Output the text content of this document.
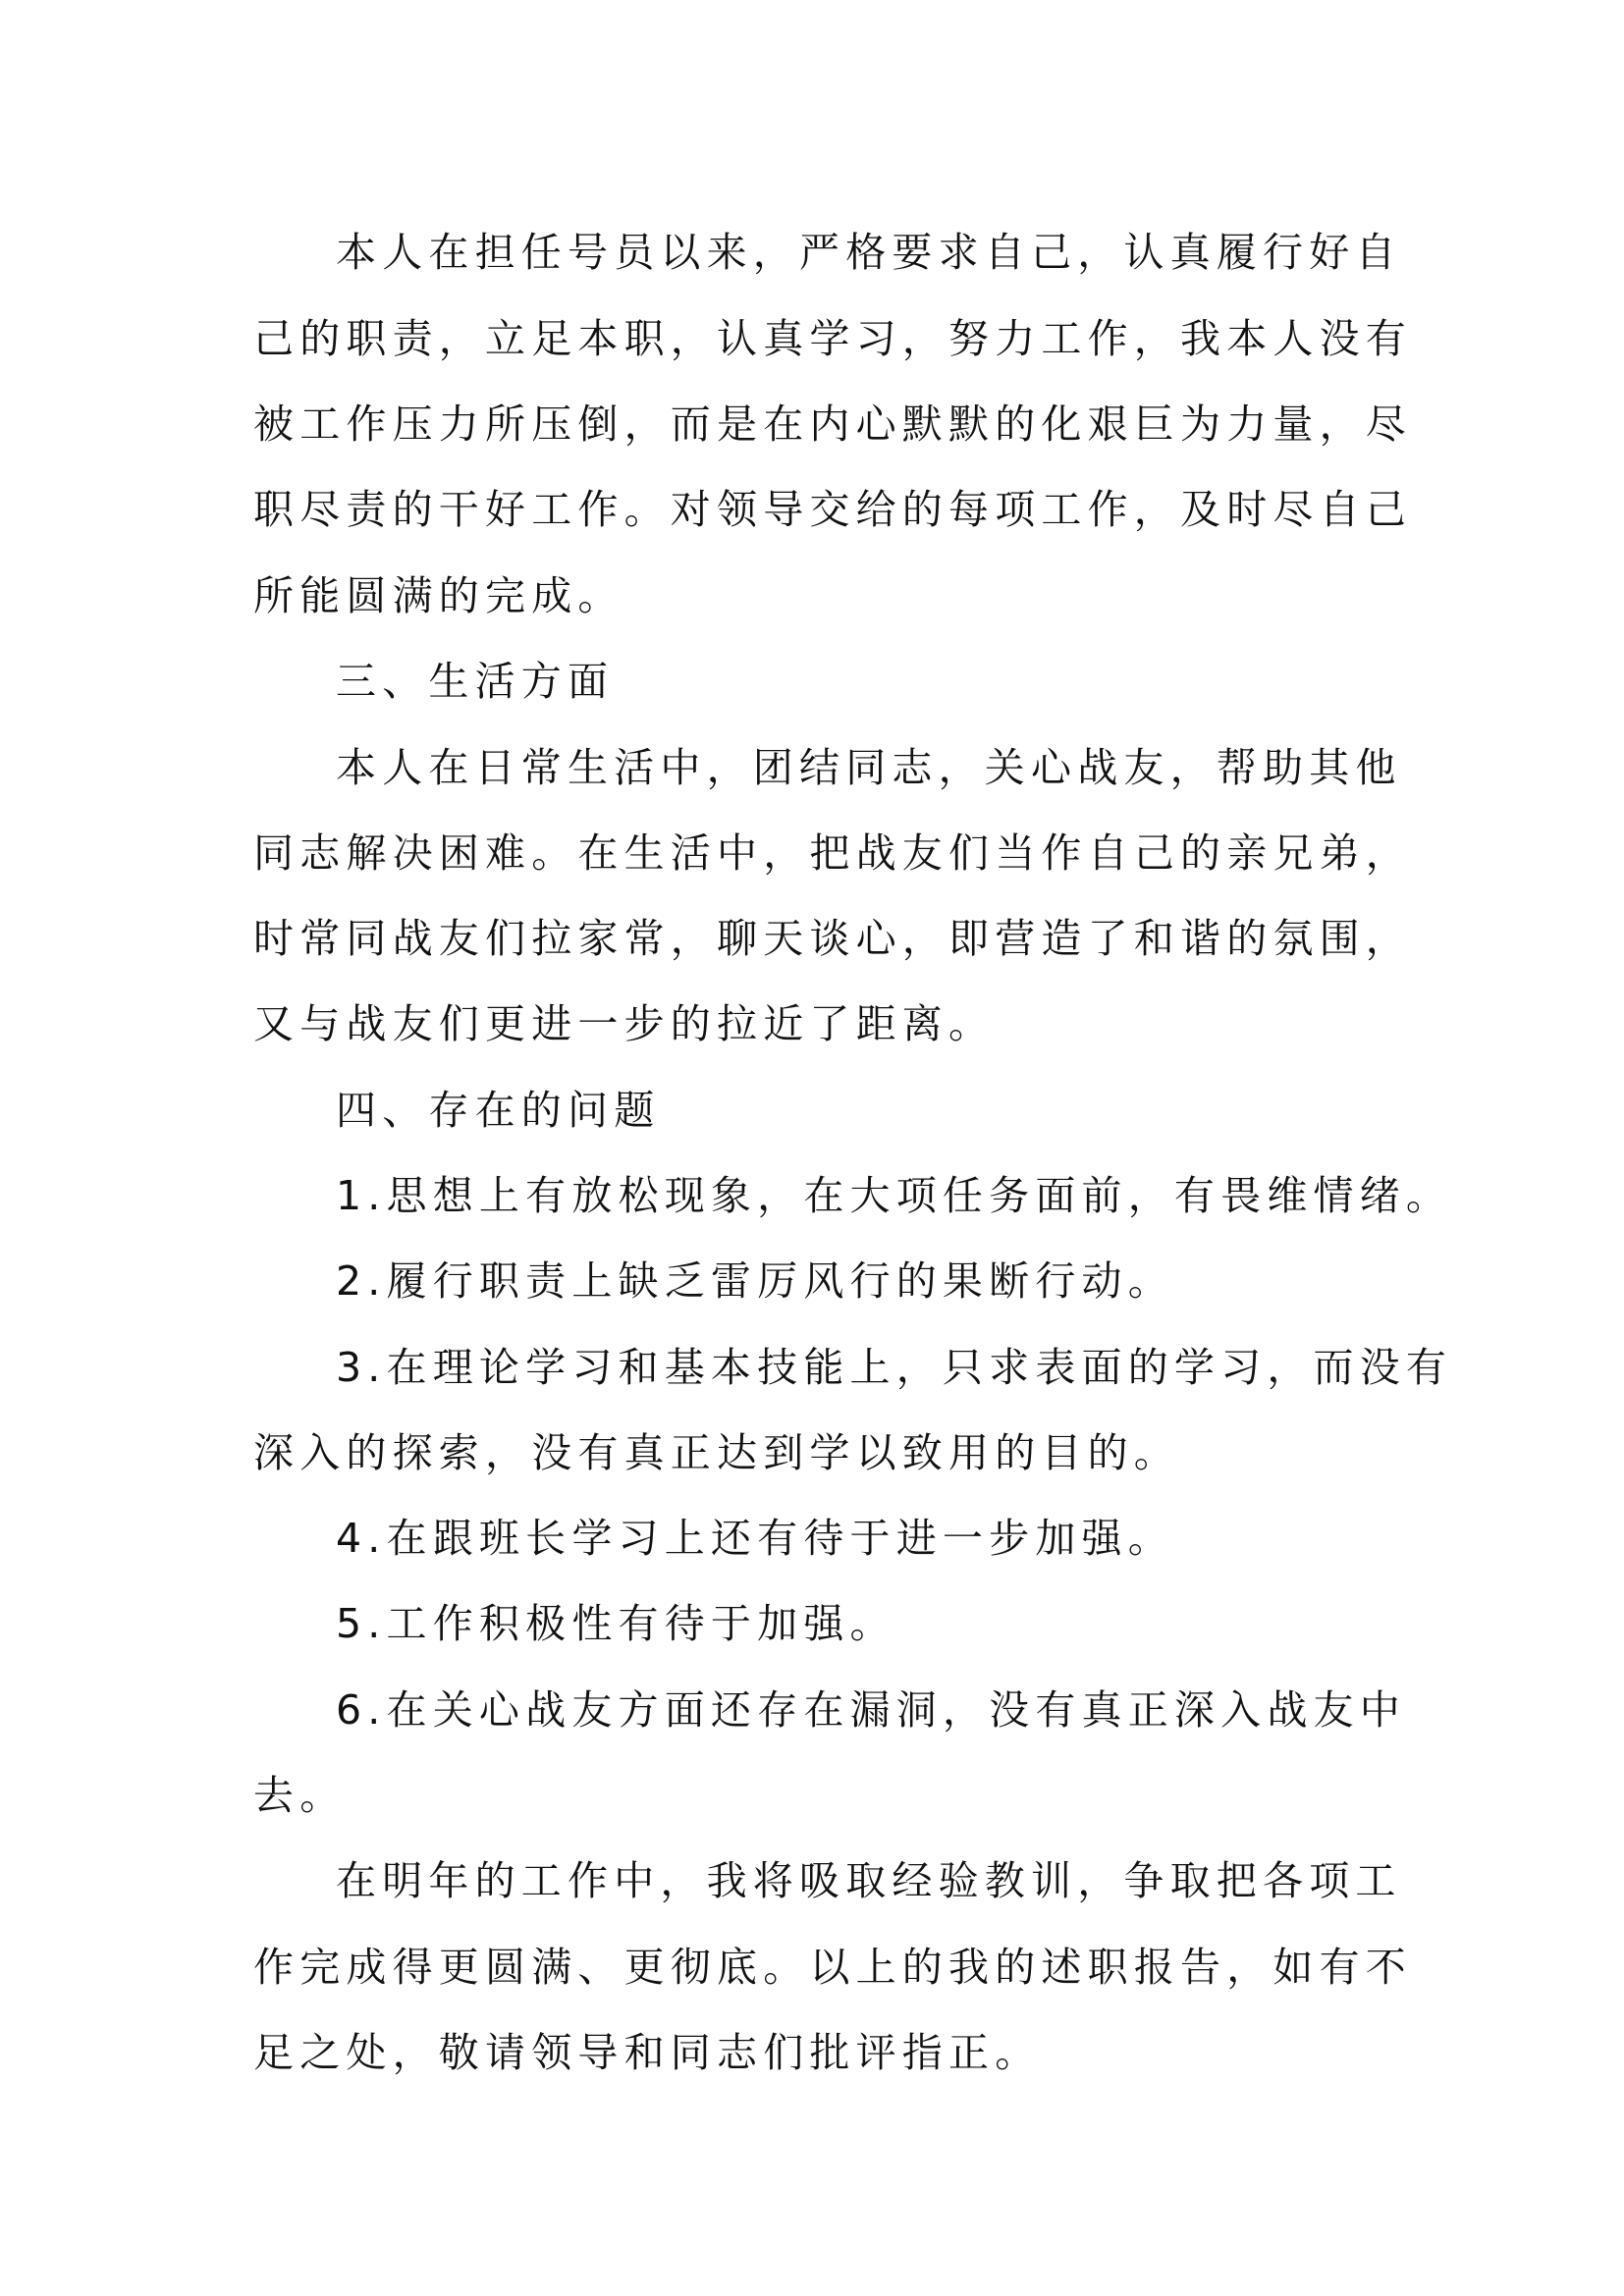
本人在担任号员以来，严格要求自己，认真履行好自
己的职责，立足本职，认真学习，努力工作，我本人没有
被工作压力所压倒，而是在内心默默的化艰巨为力量，尽
职尽责的干好工作。对领导交给的每项工作，及时尽自己
所能圆满的完成。
三、生活方面
本人在日常生活中，团结同志，关心战友，帮助其他
同志解决困难。在生活中，把战友们当作自己的亲兄弟，
时常同战友们拉家常，聊天谈心，即营造了和谐的氛围，
又与战友们更进一步的拉近了距离。
四、存在的问题
1.思想上有放松现象，在大项任务面前，有畏维情绪。
2.履行职责上缺乏雷厉风行的果断行动。
3.在理论学习和基本技能上，只求表面的学习，而没有
深入的探索，没有真正达到学以致用的目的。
4.在跟班长学习上还有待于进一步加强。
5.工作积极性有待于加强。
6.在关心战友方面还存在漏洞，没有真正深入战友中
去。
在明年的工作中，我将吸取经验教训，争取把各项工
作完成得更圆满、更彻底。以上的我的述职报告，如有不
足之处，敬请领导和同志们批评指正。
